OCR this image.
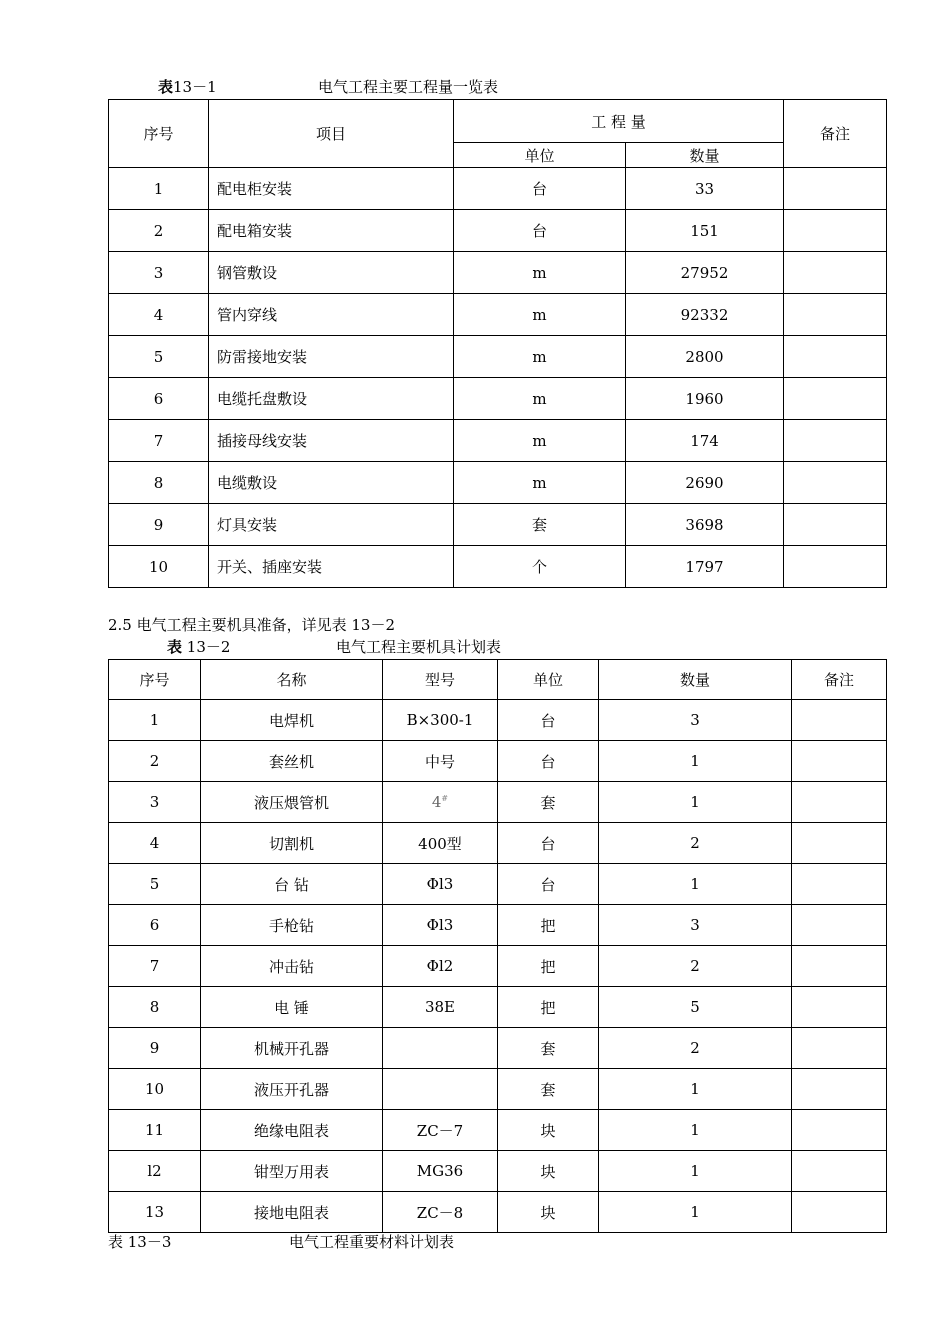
表13－1	电气工程主要工程量一览表
序号	项目	工 程 量		备注
		单位	数量	
1	配电柜安装	台	33	
2	配电箱安装	台	151	
3	钢管敷设	m	27952	
4	管内穿线	m	92332	
5	防雷接地安装	m	2800	
6	电缆托盘敷设	m	1960	
7	插接母线安装	m	174	
8	电缆敷设	m	2690	
9	灯具安装	套	3698	
10	开关、插座安装	个	1797	
2.5 电气工程主要机具准备，详见表 13－2
表 13－2	电气工程主要机具计划表
序号	名称	型号	单位	数量	备注
1	电焊机	B×300-1	台	3	
2	套丝机	中号	台	1	
3	液压煨管机	4#	套	1	
4	切割机	400型	台	2	
5	台 钻	Φl3	台	1	
6	手枪钻	Φl3	把	3	
7	冲击钻	Φl2	把	2	
8	电 锤	38E	把	5	
9	机械开孔器		套	2	
10	液压开孔器		套	1	
11	绝缘电阻表	ZC－7	块	1	
l2	钳型万用表	MG36	块	1	
13	接地电阻表	ZC－8	块	1	
表 13－3	电气工程重要材料计划表
